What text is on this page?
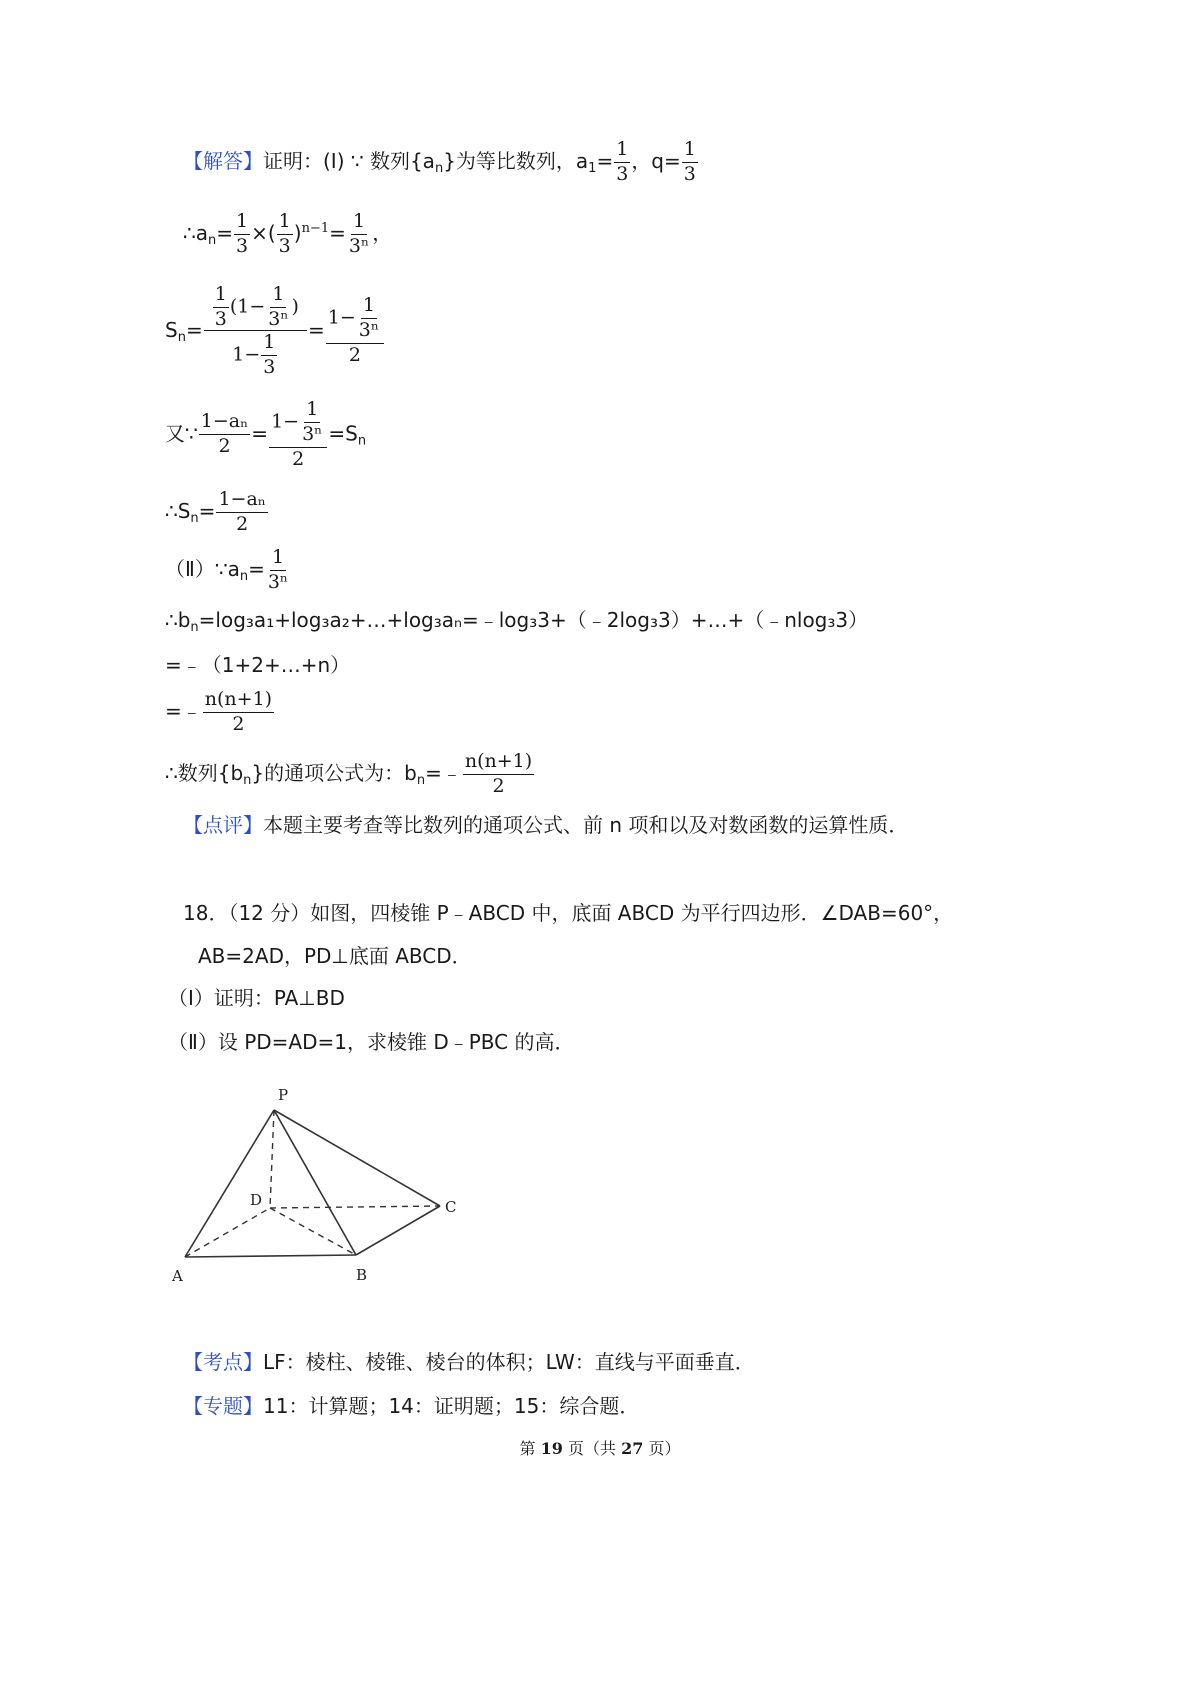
【解答】证明：(Ⅰ) ∵ 数列$\{a_n\}$为等比数列，$a_1= \frac{1}{3}$ ，$q= \frac{1}{3}$
$\therefore a_n= \frac{1}{3}$ ×( $\frac{1}{3} )^{n-1}= \frac{1}{\text{3ⁿ}}$ ，
$S_n= \frac{\frac{1}{3} (1- \frac{1}{\text{3ⁿ}} )}{1- \frac{1}{3}} = \frac{1- \frac{1}{\text{3ⁿ}}}{2}$
又∵ $\frac{\text{1−aₙ}}{2} = \frac{1- \frac{1}{\text{3ⁿ}}}{2} =S_n$
$\therefore S_n= \frac{\text{1−aₙ}}{2}$
$(Ⅱ)\because a_n= \frac{1}{\text{3ⁿ}}$
$\therefore b_n=\log_3a_1+\log_3a_2+\dots+\log_3a_n=﹣\log_33+(﹣2\log_33)+\dots+(﹣nlog_33)$
=﹣（1+2+…+n）
=﹣ $\frac{n(n+1)}{2}$
∴数列$\{b_n\}$的通项公式为：$b_n=﹣ \frac{n(n+1)}{2}$
【点评】本题主要考查等比数列的通项公式、前 n 项和以及对数函数的运算性质．
18．（12 分）如图，四棱锥 P﹣ABCD 中，底面 ABCD 为平行四边形．∠DAB=60°，
AB=2AD，PD⊥底面 ABCD．
（Ⅰ）证明：PA⊥BD
（Ⅱ）设 PD=AD=1，求棱锥 D﹣PBC 的高．
P
D	C
A	B
【考点】LF：棱柱、棱锥、棱台的体积；LW：直线与平面垂直．
【专题】11：计算题；14：证明题；15：综合题．
第 19 页（共 27 页）
